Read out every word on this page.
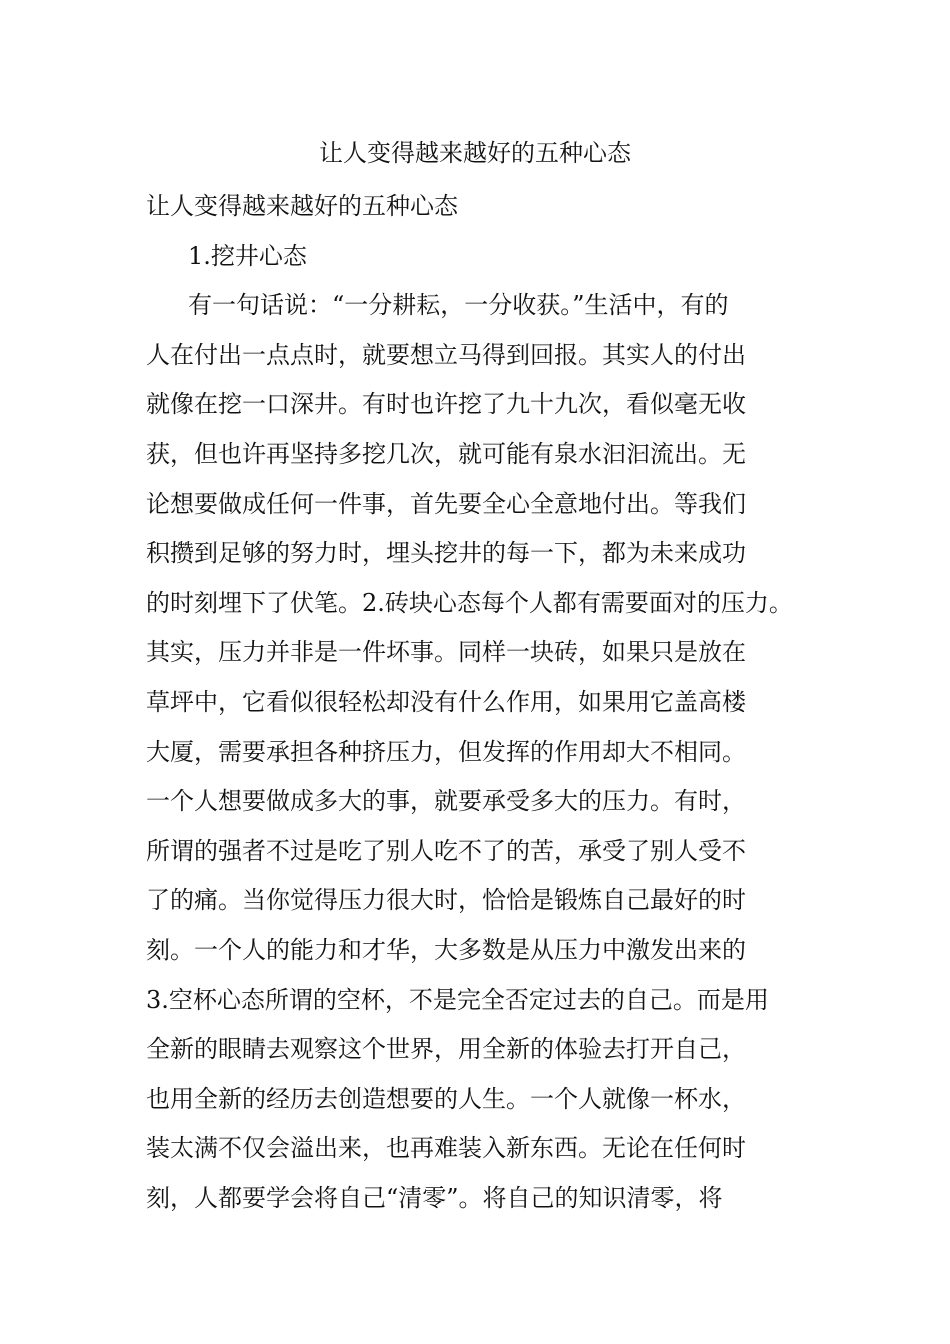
让人变得越来越好的五种心态

让人变得越来越好的五种心态

1.挖井心态

有一句话说：“一分耕耘，一分收获。”生活中，有的

人在付出一点点时，就要想立马得到回报。其实人的付出

就像在挖一口深井。有时也许挖了九十九次，看似毫无收

获，但也许再坚持多挖几次，就可能有泉水汩汩流出。无

论想要做成任何一件事，首先要全心全意地付出。等我们

积攒到足够的努力时，埋头挖井的每一下，都为未来成功

的时刻埋下了伏笔。2.砖块心态每个人都有需要面对的压力。

其实，压力并非是一件坏事。同样一块砖，如果只是放在

草坪中，它看似很轻松却没有什么作用，如果用它盖高楼

大厦，需要承担各种挤压力，但发挥的作用却大不相同。

一个人想要做成多大的事，就要承受多大的压力。有时，

所谓的强者不过是吃了别人吃不了的苦，承受了别人受不

了的痛。当你觉得压力很大时，恰恰是锻炼自己最好的时

刻。一个人的能力和才华，大多数是从压力中激发出来的

3.空杯心态所谓的空杯，不是完全否定过去的自己。而是用

全新的眼睛去观察这个世界，用全新的体验去打开自己，

也用全新的经历去创造想要的人生。一个人就像一杯水，

装太满不仅会溢出来，也再难装入新东西。无论在任何时

刻，人都要学会将自己“清零”。将自己的知识清零，将
